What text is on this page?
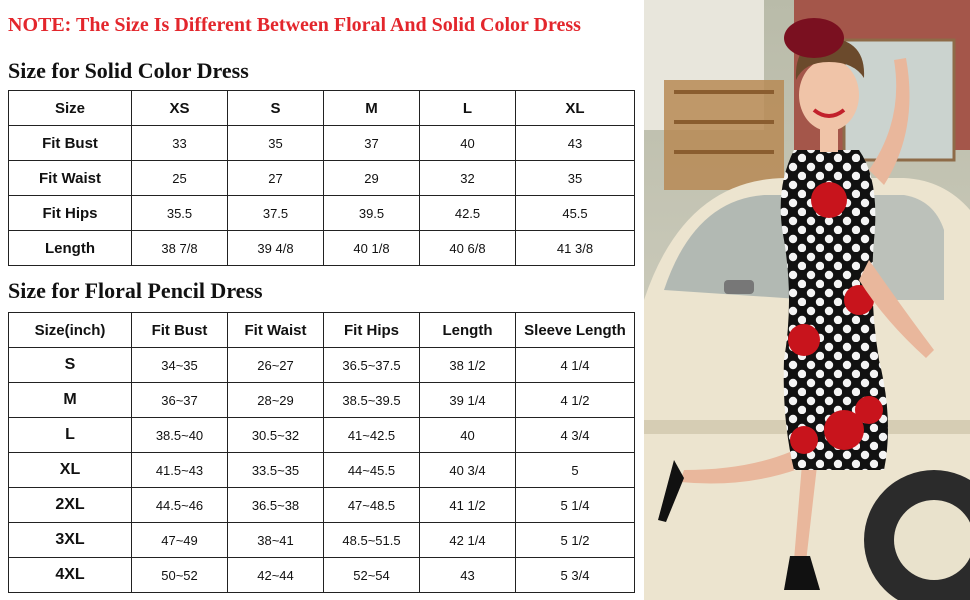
NOTE: The Size Is Different Between Floral And Solid Color Dress
Size for Solid Color Dress
Size	XS	S	M	L	XL
Fit Bust	33	35	37	40	43
Fit Waist	25	27	29	32	35
Fit Hips	35.5	37.5	39.5	42.5	45.5
Length	38 7/8	39 4/8	40 1/8	40 6/8	41 3/8
Size for Floral Pencil Dress
Size(inch)	Fit Bust	Fit Waist	Fit Hips	Length	Sleeve Length
S	34~35	26~27	36.5~37.5	38 1/2	4 1/4
M	36~37	28~29	38.5~39.5	39 1/4	4 1/2
L	38.5~40	30.5~32	41~42.5	40	4 3/4
XL	41.5~43	33.5~35	44~45.5	40 3/4	5
2XL	44.5~46	36.5~38	47~48.5	41 1/2	5 1/4
3XL	47~49	38~41	48.5~51.5	42 1/4	5 1/2
4XL	50~52	42~44	52~54	43	5 3/4
